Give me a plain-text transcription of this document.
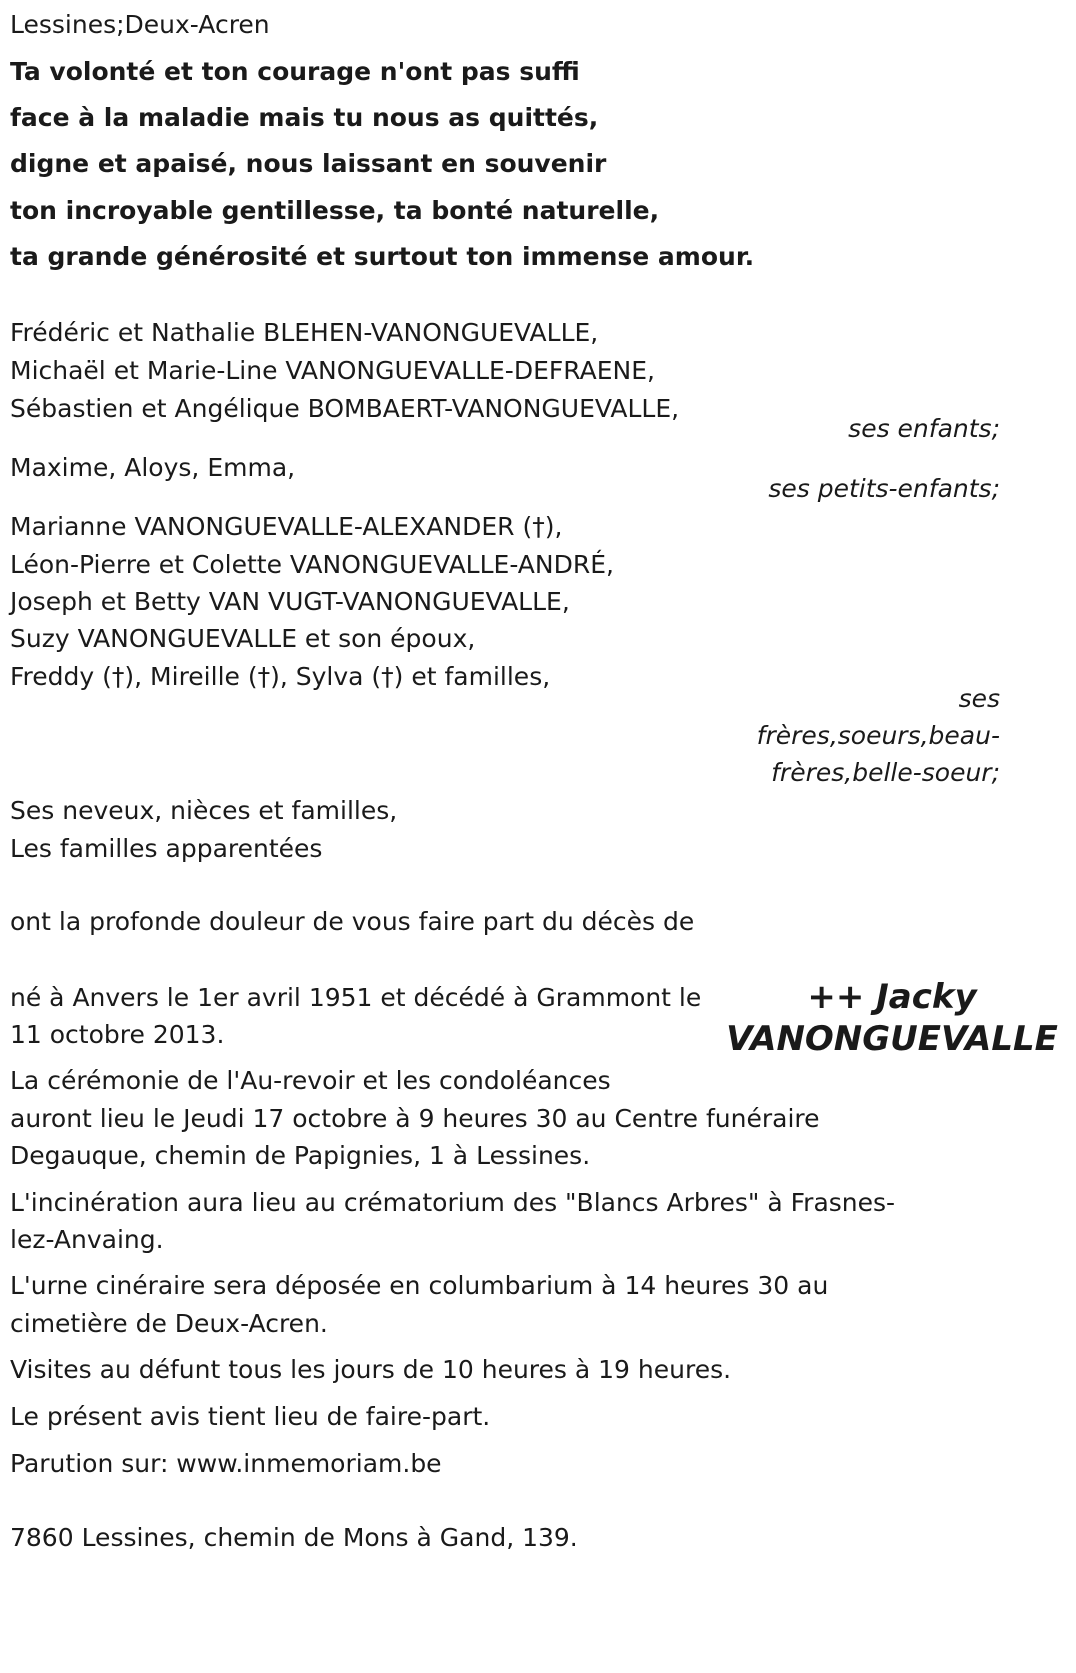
Lessines;Deux-Acren
Ta volonté et ton courage n'ont pas suffi
face à la maladie mais tu nous as quittés,
digne et apaisé, nous laissant en souvenir
ton incroyable gentillesse, ta bonté naturelle,
ta grande générosité et surtout ton immense amour.
Frédéric et Nathalie BLEHEN-VANONGUEVALLE,
Michaël et Marie-Line VANONGUEVALLE-DEFRAENE,
Sébastien et Angélique BOMBAERT-VANONGUEVALLE,
ses enfants;
Maxime, Aloys, Emma,
ses petits-enfants;
Marianne VANONGUEVALLE-ALEXANDER (†),
Léon-Pierre et Colette VANONGUEVALLE-ANDRÉ,
Joseph et Betty VAN VUGT-VANONGUEVALLE,
Suzy VANONGUEVALLE et son époux,
Freddy (†), Mireille (†), Sylva (†) et familles,
ses
frères,soeurs,beau-
frères,belle-soeur;
Ses neveux, nièces et familles,
Les familles apparentées
ont la profonde douleur de vous faire part du décès de
né à Anvers le 1er avril 1951 et décédé à Grammont le
11 octobre 2013.
++ Jacky
VANONGUEVALLE
La cérémonie de l'Au-revoir et les condoléances
auront lieu le Jeudi 17 octobre à 9 heures 30 au Centre funéraire
Degauque, chemin de Papignies, 1 à Lessines.
L'incinération aura lieu au crématorium des "Blancs Arbres" à Frasnes-
lez-Anvaing.
L'urne cinéraire sera déposée en columbarium à 14 heures 30 au
cimetière de Deux-Acren.
Visites au défunt tous les jours de 10 heures à 19 heures.
Le présent avis tient lieu de faire-part.
Parution sur: www.inmemoriam.be
7860 Lessines, chemin de Mons à Gand, 139.
